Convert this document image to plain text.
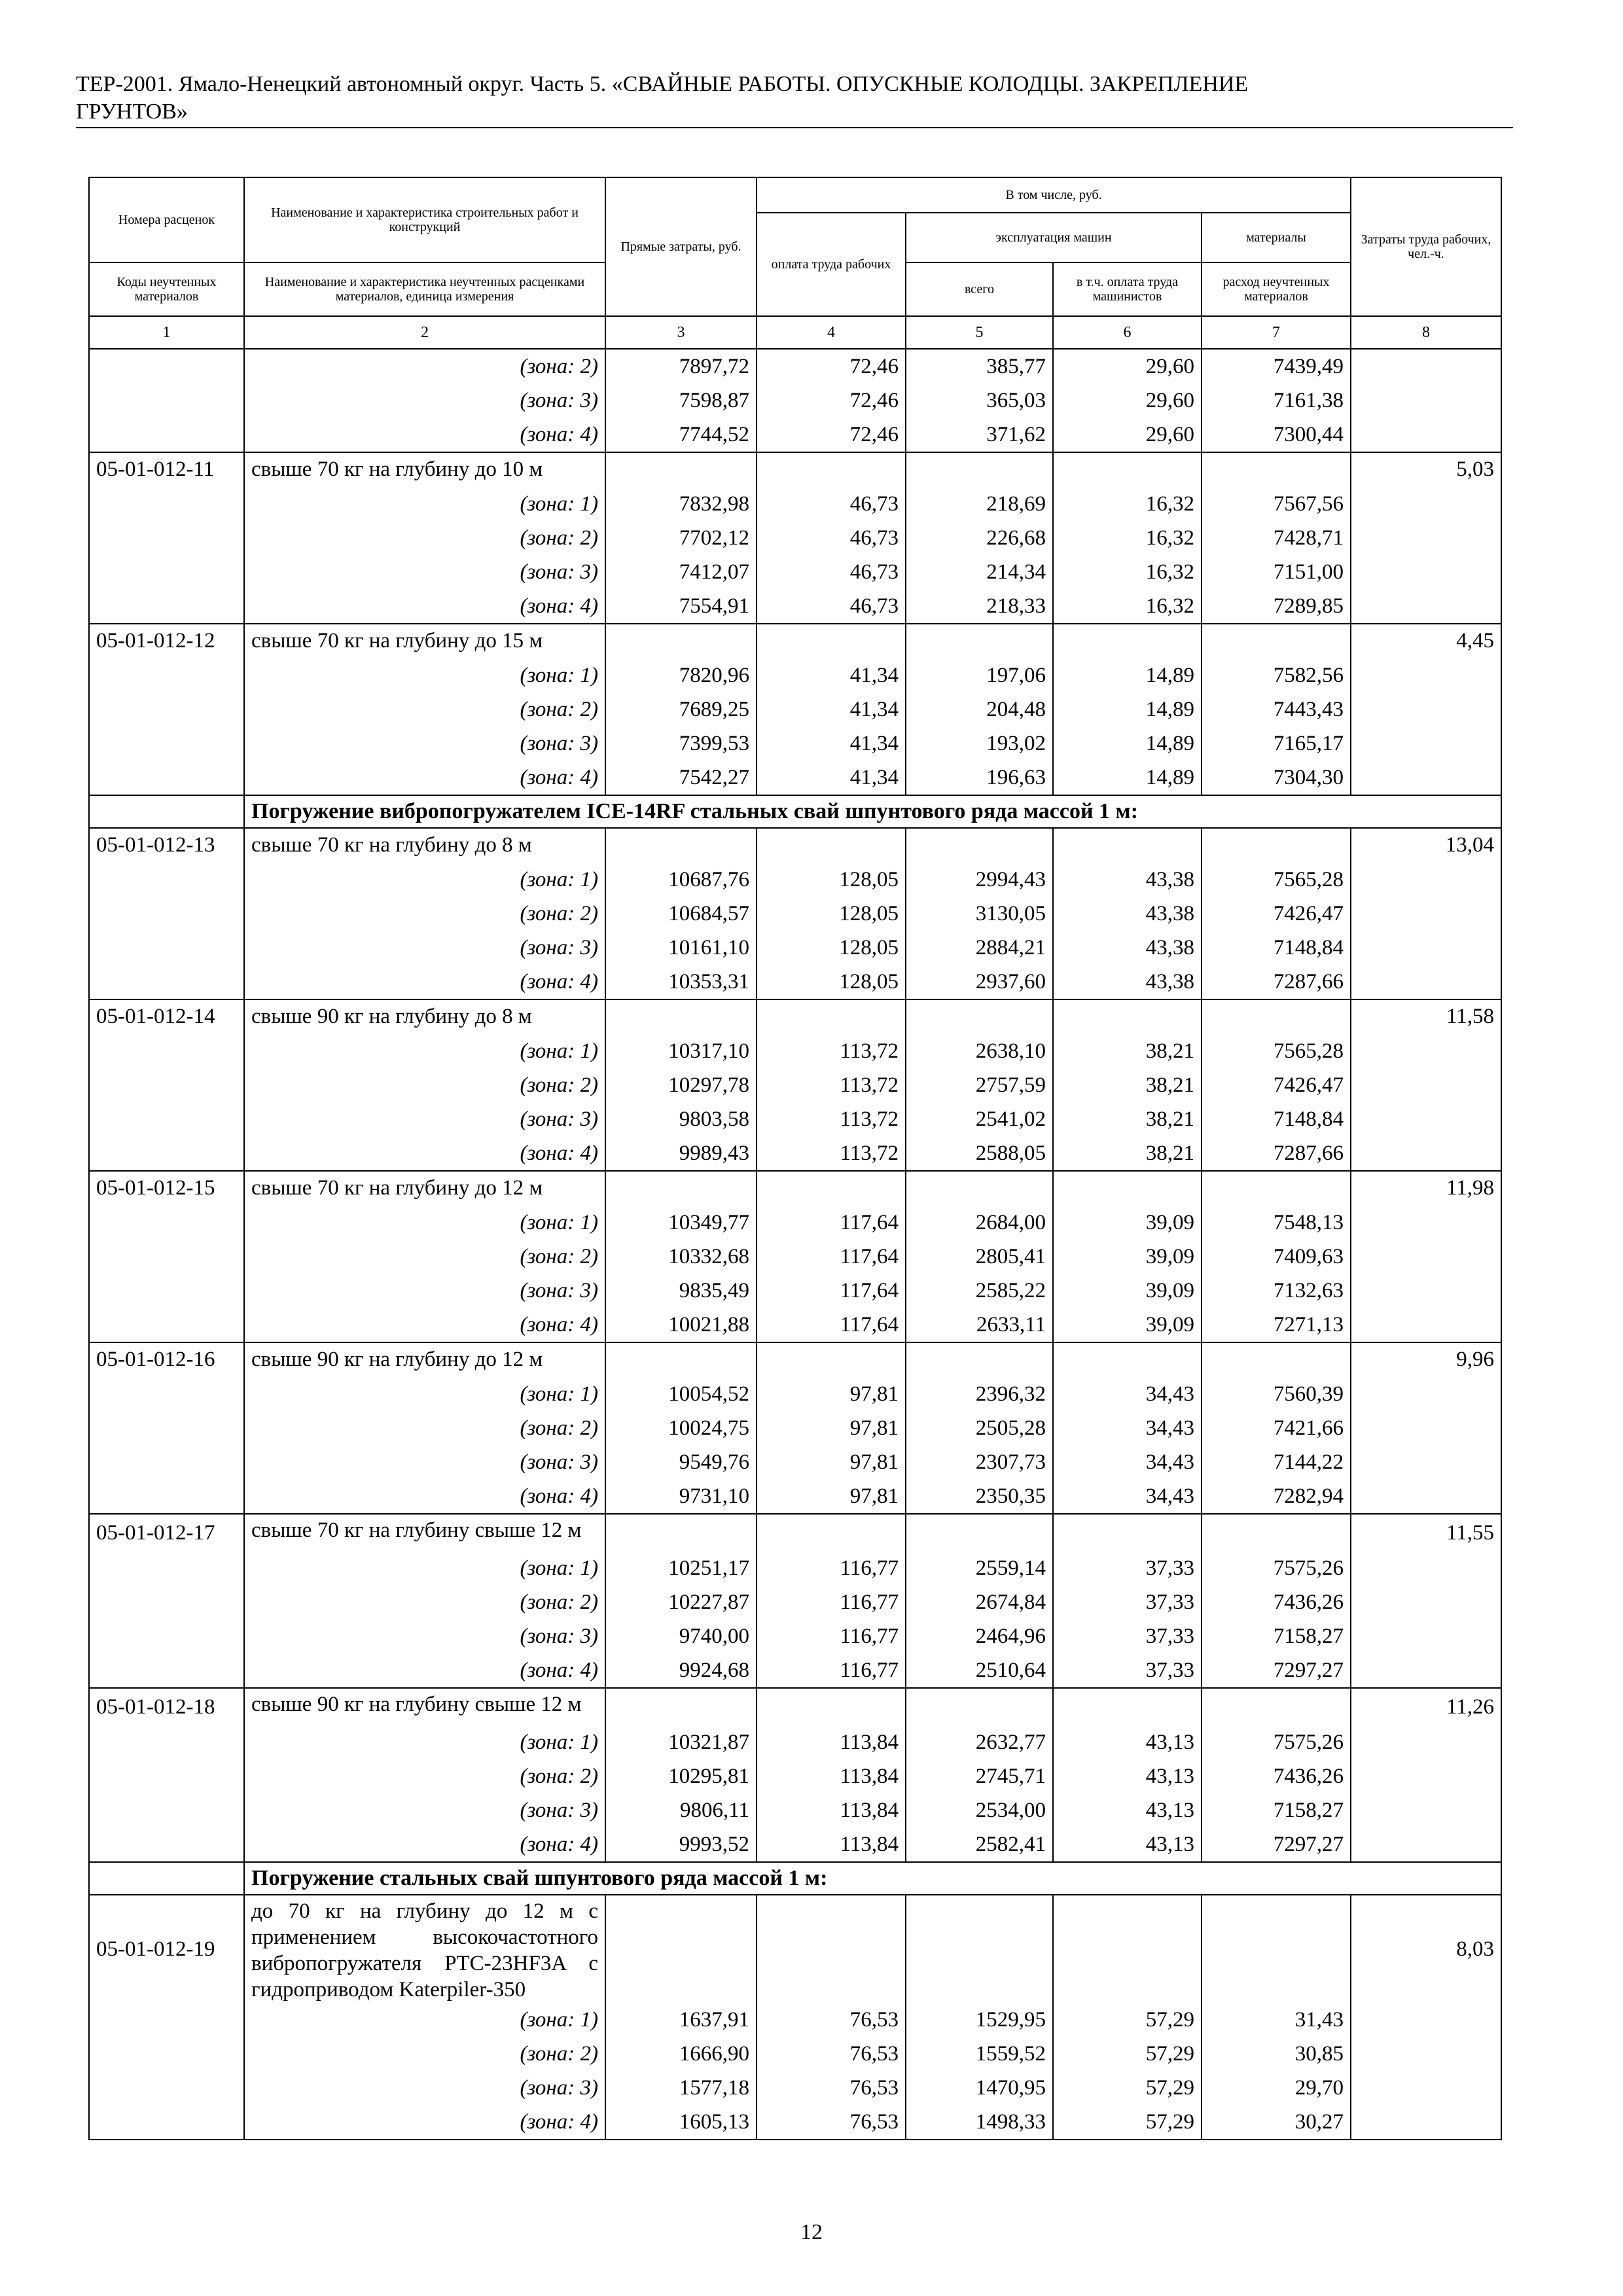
ТЕР-2001. Ямало-Ненецкий автономный округ. Часть 5. «СВАЙНЫЕ РАБОТЫ. ОПУСКНЫЕ КОЛОДЦЫ. ЗАКРЕПЛЕНИЕ
ГРУНТОВ»
Номера расценок	Наименование и характеристика строительных работ и конструкций	Прямые затраты, руб.	В том числе, руб.				Затраты труда рабочих, чел.-ч.
			оплата труда рабочих	эксплуатация машин		материалы	
Коды неучтенных материалов	Наименование и характеристика неучтенных расценками материалов, единица измерения			всего	в т.ч. оплата труда машинистов	расход неучтенных материалов	
1	2	3	4	5	6	7	8
	(зона: 2)	7897,72	72,46	385,77	29,60	7439,49	
	(зона: 3)	7598,87	72,46	365,03	29,60	7161,38	
	(зона: 4)	7744,52	72,46	371,62	29,60	7300,44	
05-01-012-11	свыше 70 кг на глубину до 10 м						5,03
	(зона: 1)	7832,98	46,73	218,69	16,32	7567,56	
	(зона: 2)	7702,12	46,73	226,68	16,32	7428,71	
	(зона: 3)	7412,07	46,73	214,34	16,32	7151,00	
	(зона: 4)	7554,91	46,73	218,33	16,32	7289,85	
05-01-012-12	свыше 70 кг на глубину до 15 м						4,45
	(зона: 1)	7820,96	41,34	197,06	14,89	7582,56	
	(зона: 2)	7689,25	41,34	204,48	14,89	7443,43	
	(зона: 3)	7399,53	41,34	193,02	14,89	7165,17	
	(зона: 4)	7542,27	41,34	196,63	14,89	7304,30	
	Погружение вибропогружателем ICE-14RF стальных свай шпунтового ряда массой 1 м:						
05-01-012-13	свыше 70 кг на глубину до 8 м						13,04
	(зона: 1)	10687,76	128,05	2994,43	43,38	7565,28	
	(зона: 2)	10684,57	128,05	3130,05	43,38	7426,47	
	(зона: 3)	10161,10	128,05	2884,21	43,38	7148,84	
	(зона: 4)	10353,31	128,05	2937,60	43,38	7287,66	
05-01-012-14	свыше 90 кг на глубину до 8 м						11,58
	(зона: 1)	10317,10	113,72	2638,10	38,21	7565,28	
	(зона: 2)	10297,78	113,72	2757,59	38,21	7426,47	
	(зона: 3)	9803,58	113,72	2541,02	38,21	7148,84	
	(зона: 4)	9989,43	113,72	2588,05	38,21	7287,66	
05-01-012-15	свыше 70 кг на глубину до 12 м						11,98
	(зона: 1)	10349,77	117,64	2684,00	39,09	7548,13	
	(зона: 2)	10332,68	117,64	2805,41	39,09	7409,63	
	(зона: 3)	9835,49	117,64	2585,22	39,09	7132,63	
	(зона: 4)	10021,88	117,64	2633,11	39,09	7271,13	
05-01-012-16	свыше 90 кг на глубину до 12 м						9,96
	(зона: 1)	10054,52	97,81	2396,32	34,43	7560,39	
	(зона: 2)	10024,75	97,81	2505,28	34,43	7421,66	
	(зона: 3)	9549,76	97,81	2307,73	34,43	7144,22	
	(зона: 4)	9731,10	97,81	2350,35	34,43	7282,94	
05-01-012-17	свыше 70 кг на глубину свыше 12 м						11,55
	(зона: 1)	10251,17	116,77	2559,14	37,33	7575,26	
	(зона: 2)	10227,87	116,77	2674,84	37,33	7436,26	
	(зона: 3)	9740,00	116,77	2464,96	37,33	7158,27	
	(зона: 4)	9924,68	116,77	2510,64	37,33	7297,27	
05-01-012-18	свыше 90 кг на глубину свыше 12 м						11,26
	(зона: 1)	10321,87	113,84	2632,77	43,13	7575,26	
	(зона: 2)	10295,81	113,84	2745,71	43,13	7436,26	
	(зона: 3)	9806,11	113,84	2534,00	43,13	7158,27	
	(зона: 4)	9993,52	113,84	2582,41	43,13	7297,27	
	Погружение стальных свай шпунтового ряда массой 1 м:						
05-01-012-19	до 70 кг на глубину до 12 м с применением высокочастотного вибропогружателя PTC-23HF3A с гидроприводом Katerpiler-350						8,03
	(зона: 1)	1637,91	76,53	1529,95	57,29	31,43	
	(зона: 2)	1666,90	76,53	1559,52	57,29	30,85	
	(зона: 3)	1577,18	76,53	1470,95	57,29	29,70	
	(зона: 4)	1605,13	76,53	1498,33	57,29	30,27	
12
